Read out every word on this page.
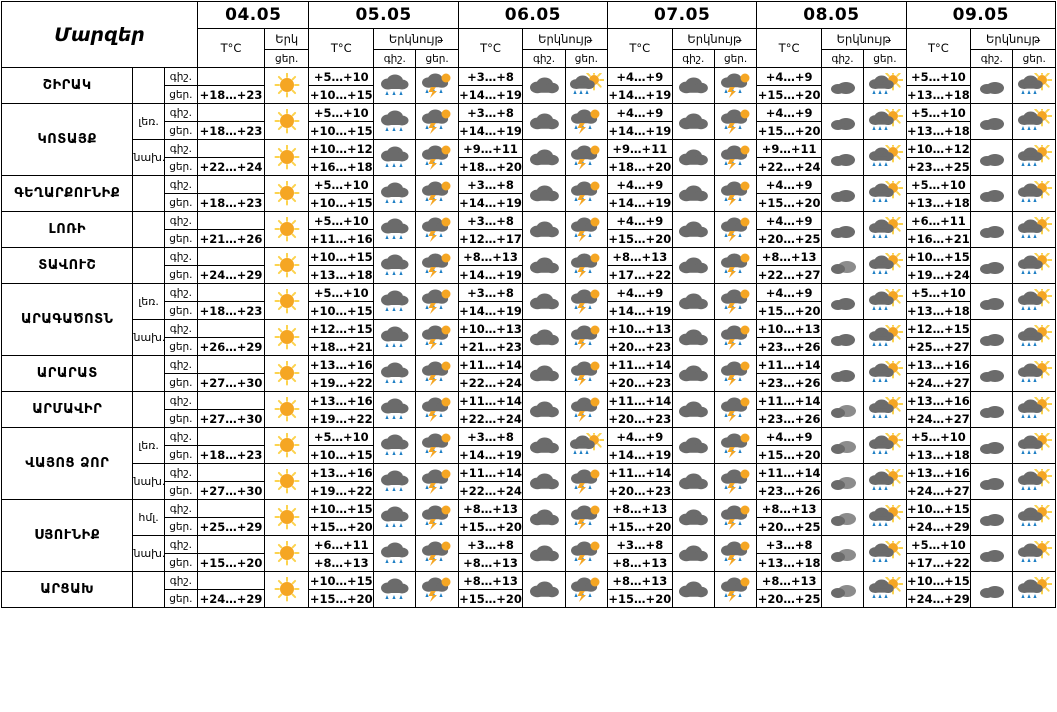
Մարզեր			04.05		05.05			06.05			07.05			08.05			09.05		
			T°C	Երկ	T°C	Երկնույթ		T°C	Երկնույթ		T°C	Երկնույթ		T°C	Երկնույթ		T°C	Երկնույթ	
				ցեր.		գիշ.	ցեր.		գիշ.	ցեր.		գիշ.	ցեր.		գիշ.	ցեր.		գիշ.	ցեր.
ՇԻՐԱԿ		գիշ.			+5…+10			+3…+8			+4…+9			+4…+9			+5…+10	

		ցեր.	+18…+23		+10…+15			+14…+19			+14…+19			+15…+20			+13…+18		
ԿՈՏԱՅՔ	լեռ.	գիշ.			+5…+10			+3…+8			+4…+9			+4…+9			+5…+10	

		ցեր.	+18…+23		+10…+15			+14…+19			+14…+19			+15…+20			+13…+18		
	նախ.	գիշ.			+10…+12			+9…+11			+9…+11			+9…+11			+10…+12	

		ցեր.	+22…+24		+16…+18			+18…+20			+18…+20			+22…+24			+23…+25		
ԳԵՂԱՐՔՈՒՆԻՔ		գիշ.			+5…+10			+3…+8			+4…+9			+4…+9			+5…+10	

		ցեր.	+18…+23		+10…+15			+14…+19			+14…+19			+15…+20			+13…+18		
ԼՈՌԻ		գիշ.			+5…+10			+3…+8			+4…+9			+4…+9			+6…+11	

		ցեր.	+21…+26		+11…+16			+12…+17			+15…+20			+20…+25			+16…+21		
ՏԱՎՈՒՇ		գիշ.			+10…+15			+8…+13			+8…+13			+8…+13			+10…+15	

		ցեր.	+24…+29		+13…+18			+14…+19			+17…+22			+22…+27			+19…+24		
ԱՐԱԳԱԾՈՏՆ	լեռ.	գիշ.			+5…+10			+3…+8			+4…+9			+4…+9			+5…+10	

		ցեր.	+18…+23		+10…+15			+14…+19			+14…+19			+15…+20			+13…+18		
	նախ.	գիշ.			+12…+15			+10…+13			+10…+13			+10…+13			+12…+15	

		ցեր.	+26…+29		+18…+21			+21…+23			+20…+23			+23…+26			+25…+27		
ԱՐԱՐԱՏ		գիշ.			+13…+16			+11…+14			+11…+14			+11…+14			+13…+16	

		ցեր.	+27…+30		+19…+22			+22…+24			+20…+23			+23…+26			+24…+27		
ԱՐՄԱՎԻՐ		գիշ.			+13…+16			+11…+14			+11…+14			+11…+14			+13…+16	

		ցեր.	+27…+30		+19…+22			+22…+24			+20…+23			+23…+26			+24…+27		
ՎԱՅՈՑ ՁՈՐ	լեռ.	գիշ.			+5…+10			+3…+8			+4…+9			+4…+9			+5…+10	

		ցեր.	+18…+23		+10…+15			+14…+19			+14…+19			+15…+20			+13…+18		
	նախ.	գիշ.			+13…+16			+11…+14			+11…+14			+11…+14			+13…+16	

		ցեր.	+27…+30		+19…+22			+22…+24			+20…+23			+23…+26			+24…+27		
ՍՅՈՒՆԻՔ	հմլ.	գիշ.			+10…+15			+8…+13			+8…+13			+8…+13			+10…+15	

		ցեր.	+25…+29		+15…+20			+15…+20			+15…+20			+20…+25			+24…+29		
	նախ.	գիշ.			+6…+11			+3…+8			+3…+8			+3…+8			+5…+10	

		ցեր.	+15…+20		+8…+13			+8…+13			+8…+13			+13…+18			+17…+22		
ԱՐՑԱԽ		գիշ.			+10…+15			+8…+13			+8…+13			+8…+13			+10…+15	

		ցեր.	+24…+29		+15…+20			+15…+20			+15…+20			+20…+25			+24…+29		
